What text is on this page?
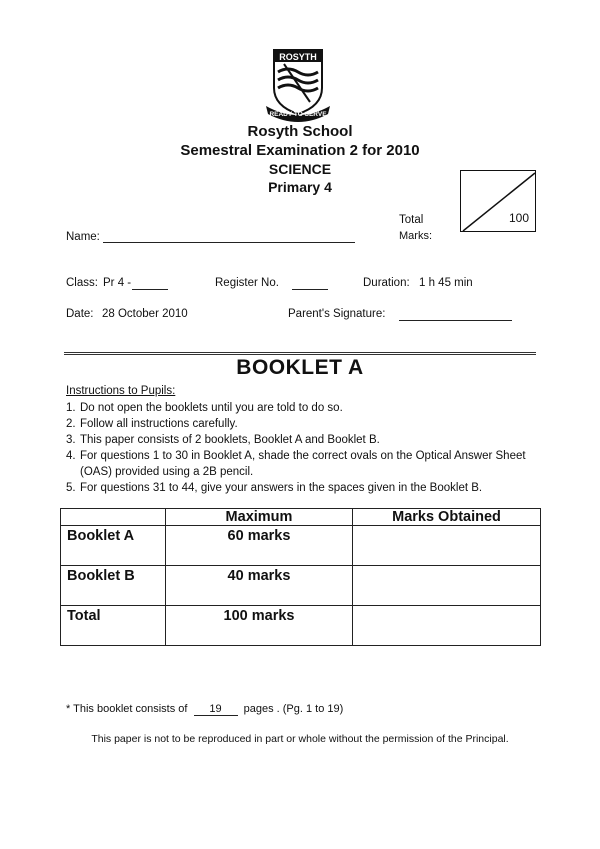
ROSYTH
READY TO SERVE
Rosyth School
Semestral Examination 2 for 2010
SCIENCE
Primary 4
Total
Marks:
100
Name:
Class: Pr 4 -	Register No.	Duration: 1 h 45 min
Date: 28 October 2010	Parent's Signature:
BOOKLET A
Instructions to Pupils:
1. Do not open the booklets until you are told to do so.
2. Follow all instructions carefully.
3. This paper consists of 2 booklets, Booklet A and Booklet B.
4. For questions 1 to 30 in Booklet A, shade the correct ovals on the Optical Answer Sheet (OAS) provided using a 2B pencil.
5. For questions 31 to 44, give your answers in the spaces given in the Booklet B.
	Maximum	Marks Obtained
Booklet A	60 marks	
Booklet B	40 marks	
Total	100 marks	
* This booklet consists of 19 pages . (Pg. 1 to 19)
This paper is not to be reproduced in part or whole without the permission of the Principal.
